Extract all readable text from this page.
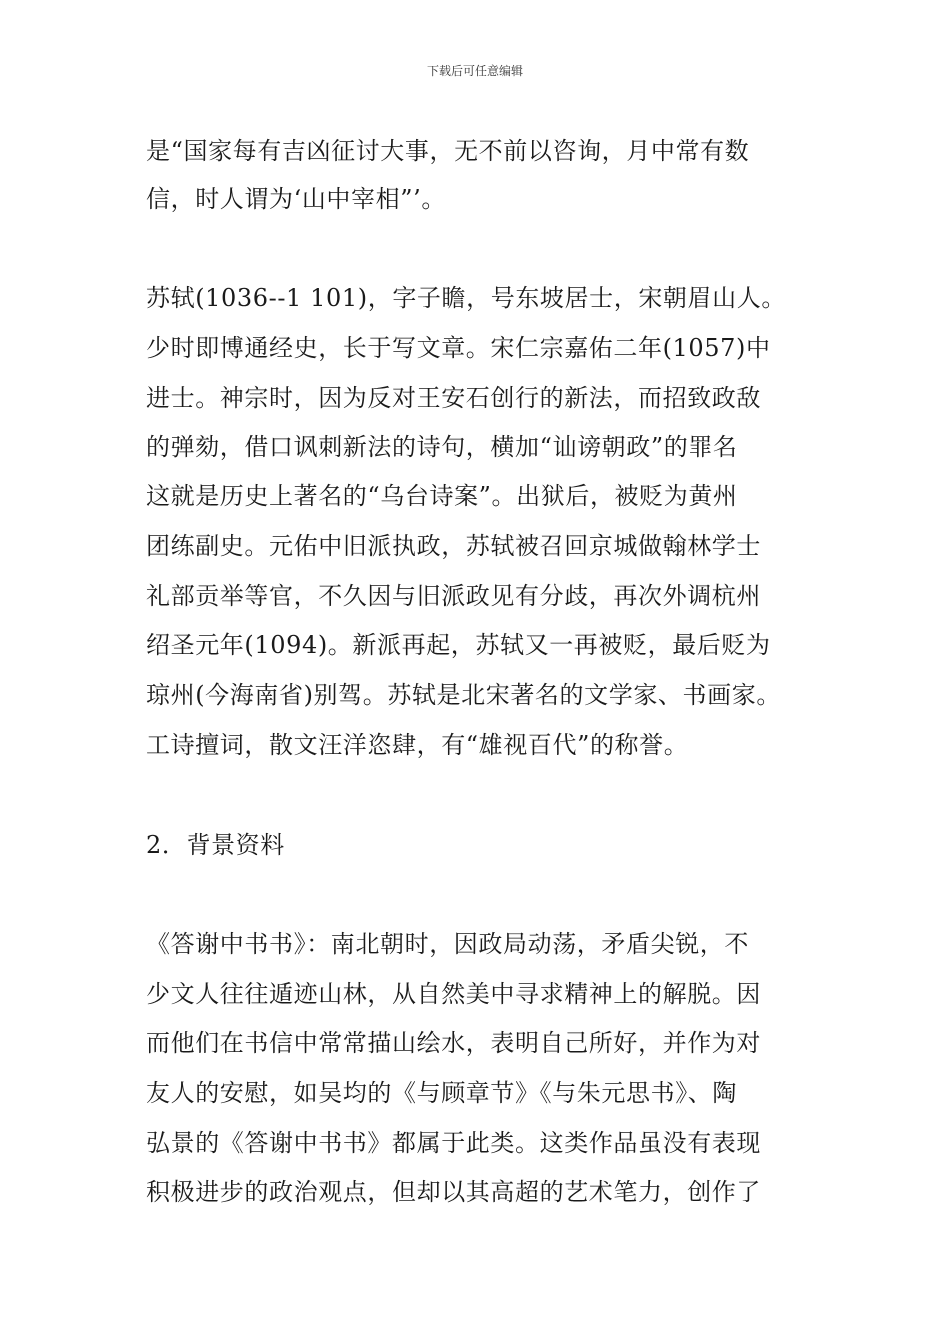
下载后可任意编辑
是“国家每有吉凶征讨大事，无不前以咨询，月中常有数
信，时人谓为‘山中宰相”’。
苏轼(1036--1 101)，字子瞻，号东坡居士，宋朝眉山人。
少时即博通经史，长于写文章。宋仁宗嘉佑二年(1057)中
进士。神宗时，因为反对王安石创行的新法，而招致政敌
的弹劾，借口讽刺新法的诗句，横加“讪谤朝政”的罪名
这就是历史上著名的“乌台诗案”。出狱后，被贬为黄州
团练副史。元佑中旧派执政，苏轼被召回京城做翰林学士
礼部贡举等官，不久因与旧派政见有分歧，再次外调杭州
绍圣元年(1094)。新派再起，苏轼又一再被贬，最后贬为
琼州(今海南省)别驾。苏轼是北宋著名的文学家、书画家。
工诗擅词，散文汪洋恣肆，有“雄视百代”的称誉。
2．背景资料
《答谢中书书》：南北朝时，因政局动荡，矛盾尖锐，不
少文人往往遁迹山林，从自然美中寻求精神上的解脱。因
而他们在书信中常常描山绘水，表明自己所好，并作为对
友人的安慰，如吴均的《与顾章节》《与朱元思书》、陶
弘景的《答谢中书书》都属于此类。这类作品虽没有表现
积极进步的政治观点，但却以其高超的艺术笔力，创作了
